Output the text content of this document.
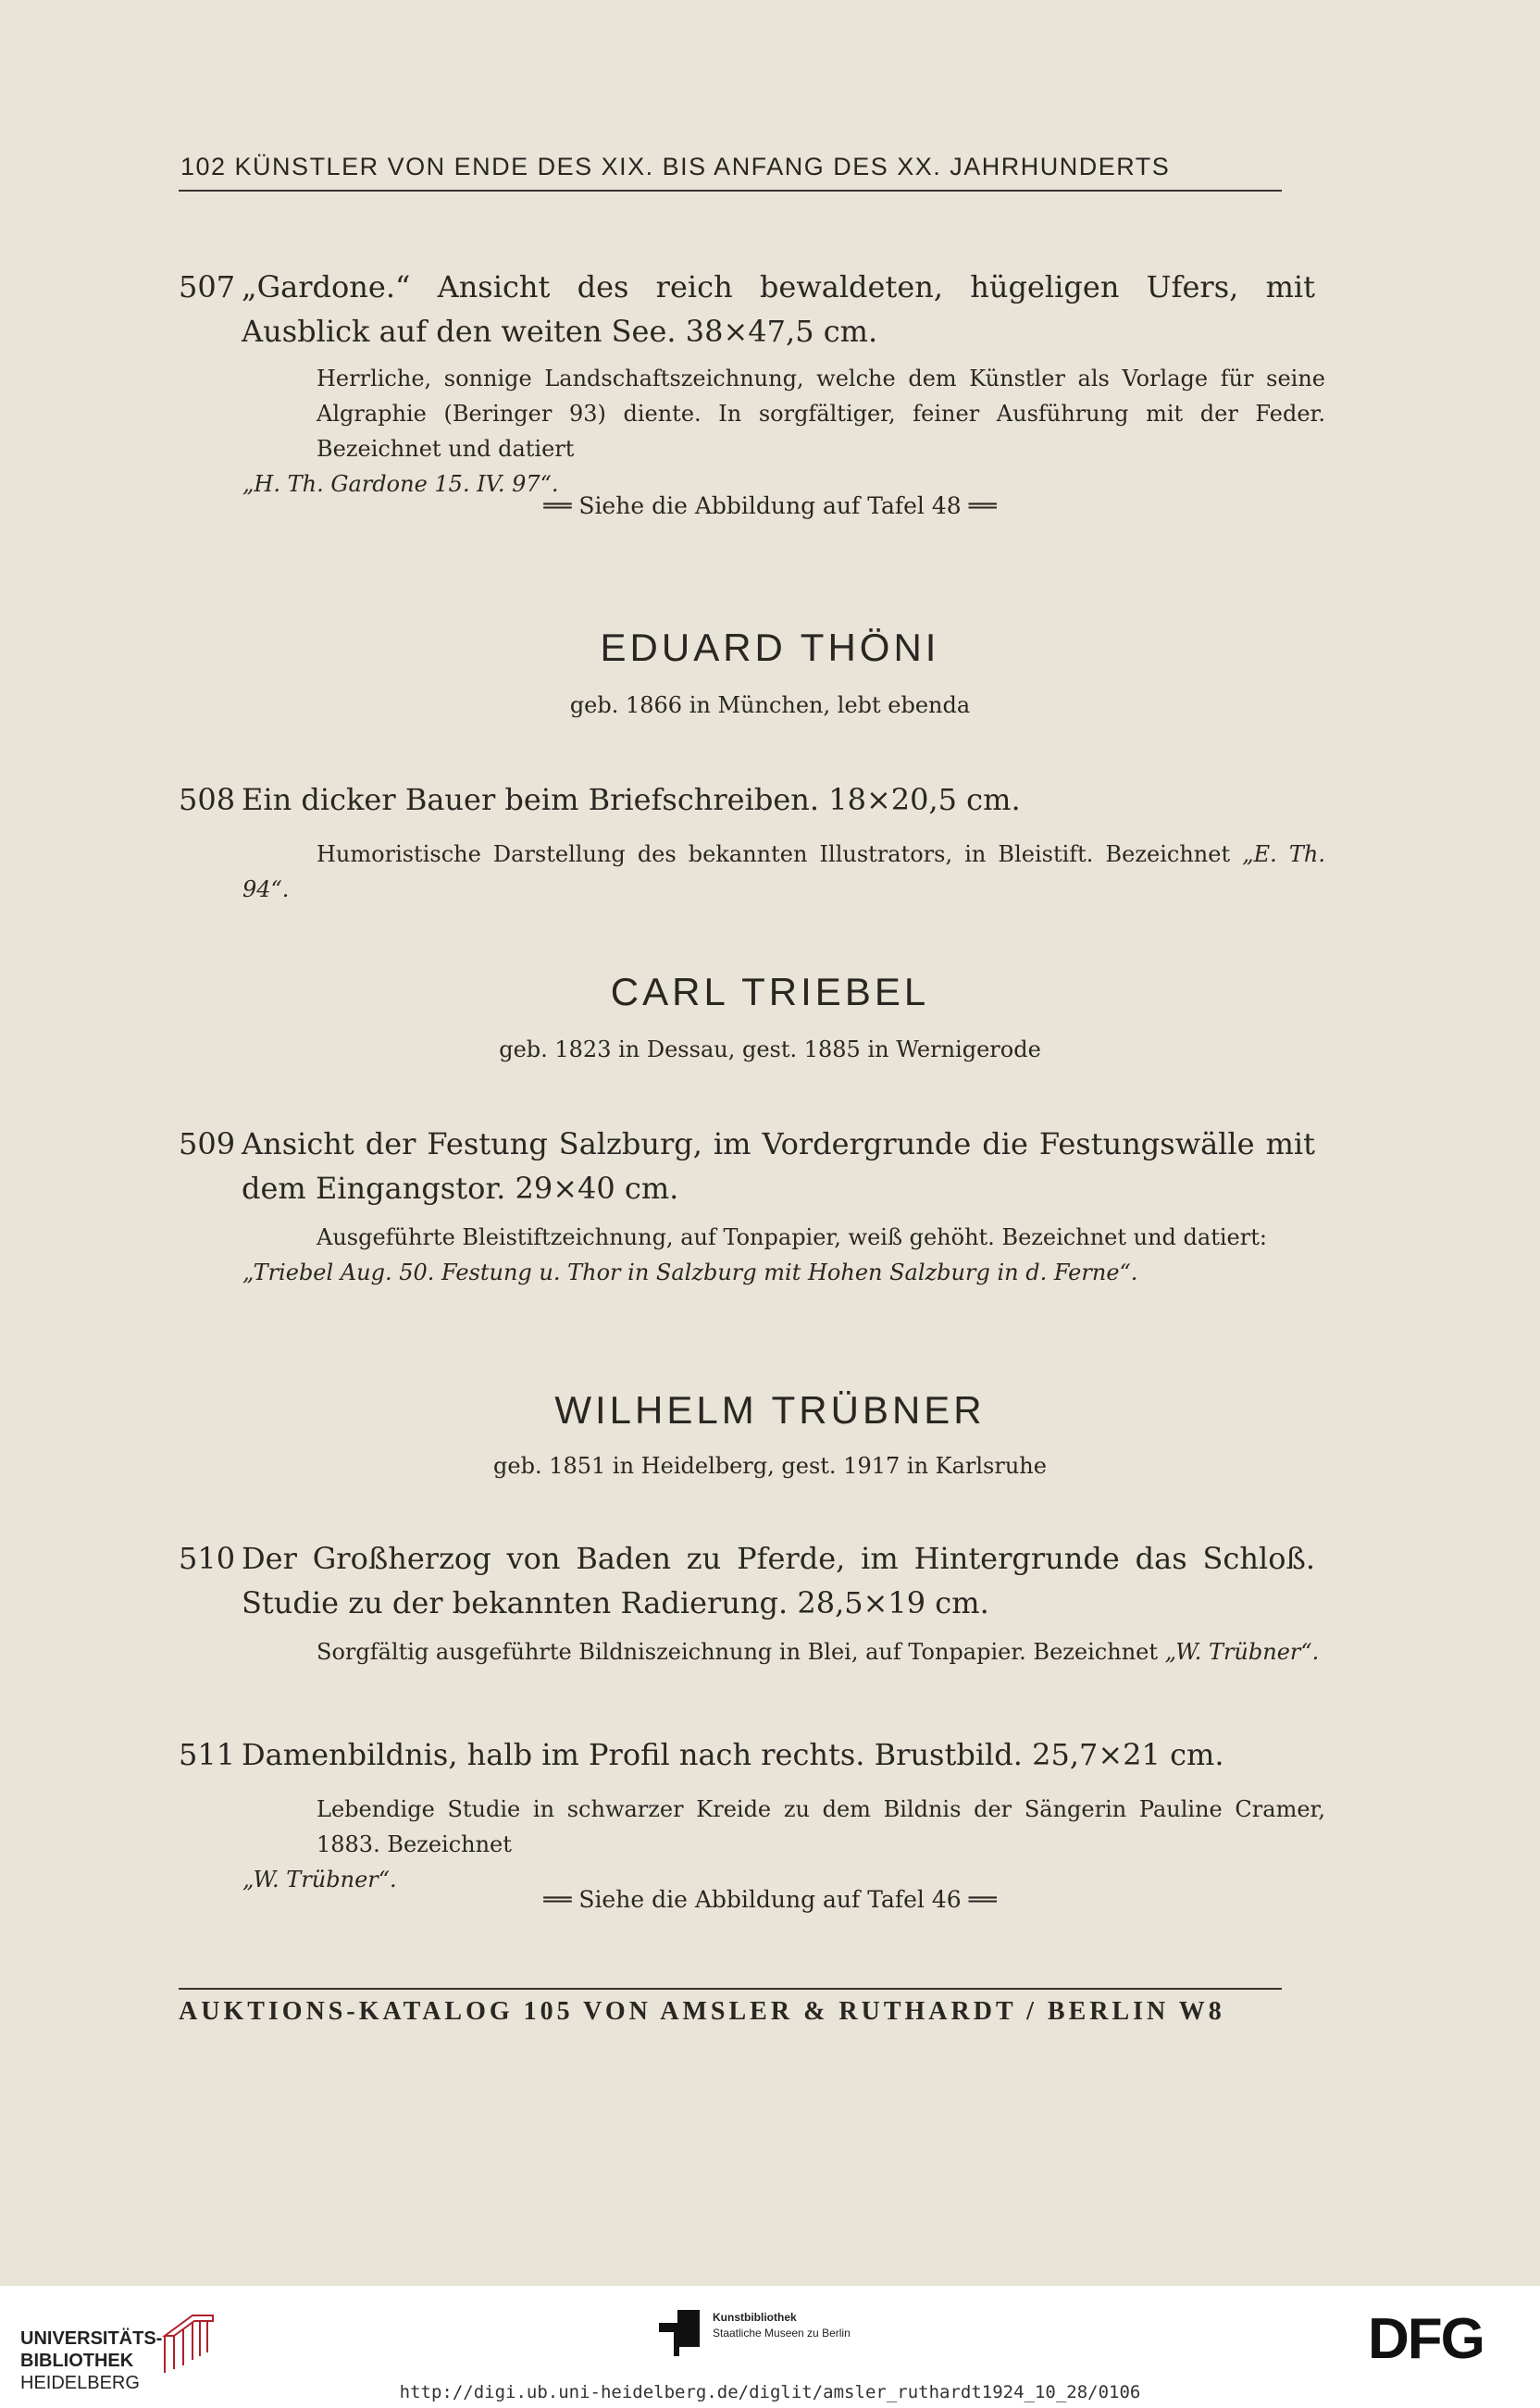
102 KÜNSTLER VON ENDE DES XIX. BIS ANFANG DES XX. JAHRHUNDERTS
507 „Gardone.“ Ansicht des reich bewaldeten, hügeligen Ufers, mit Ausblick auf den weiten See. 38×47,5 cm.
Herrliche, sonnige Landschaftszeichnung, welche dem Künstler als Vorlage für seine Algraphie (Beringer 93) diente. In sorgfältiger, feiner Ausführung mit der Feder. Bezeichnet und datiert
„H. Th. Gardone 15. IV. 97“.
══ Siehe die Abbildung auf Tafel 48 ══
EDUARD THÖNI
geb. 1866 in München, lebt ebenda
508 Ein dicker Bauer beim Briefschreiben. 18×20,5 cm.
Humoristische Darstellung des bekannten Illustrators, in Bleistift. Bezeichnet „E. Th. 94“.
CARL TRIEBEL
geb. 1823 in Dessau, gest. 1885 in Wernigerode
509 Ansicht der Festung Salzburg, im Vordergrunde die Festungswälle mit dem Eingangstor. 29×40 cm.
Ausgeführte Bleistiftzeichnung, auf Tonpapier, weiß gehöht. Bezeichnet und datiert:
„Triebel Aug. 50. Festung u. Thor in Salzburg mit Hohen Salzburg in d. Ferne“.
WILHELM TRÜBNER
geb. 1851 in Heidelberg, gest. 1917 in Karlsruhe
510 Der Großherzog von Baden zu Pferde, im Hintergrunde das Schloß. Studie zu der bekannten Radierung. 28,5×19 cm.
Sorgfältig ausgeführte Bildniszeichnung in Blei, auf Tonpapier. Bezeichnet „W. Trübner“.
511 Damenbildnis, halb im Profil nach rechts. Brustbild. 25,7×21 cm.
Lebendige Studie in schwarzer Kreide zu dem Bildnis der Sängerin Pauline Cramer, 1883. Bezeichnet
„W. Trübner“.
══ Siehe die Abbildung auf Tafel 46 ══
AUKTIONS-KATALOG 105 VON AMSLER & RUTHARDT / BERLIN W8
UNIVERSITÄTS-
BIBLIOTHEK
HEIDELBERG
Kunstbibliothek
Staatliche Museen zu Berlin	DFG
http://digi.ub.uni-heidelberg.de/diglit/amsler_ruthardt1924_10_28/0106
